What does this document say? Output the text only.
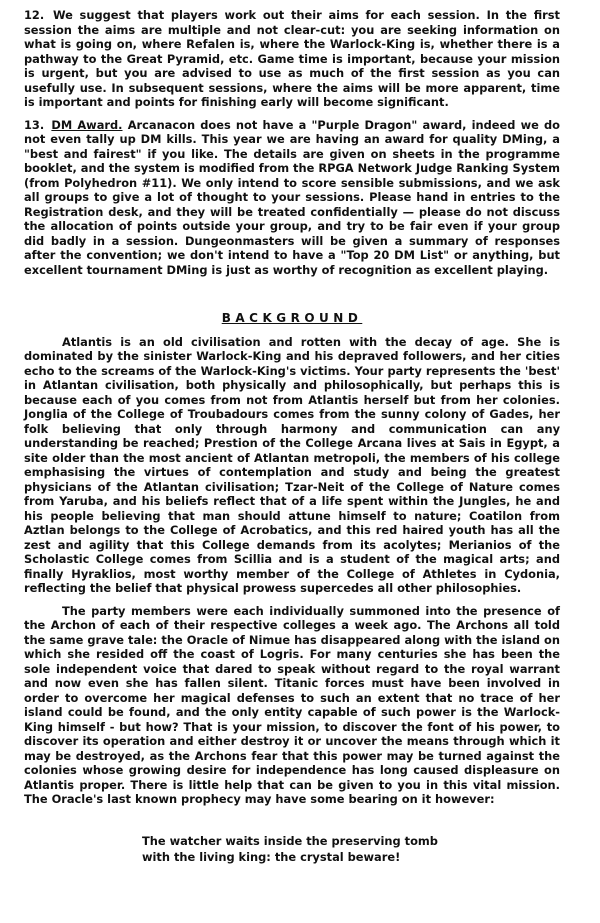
12. We suggest that players work out their aims for each session. In the first session the aims are multiple and not clear-cut: you are seeking information on what is going on, where Refalen is, where the Warlock-King is, whether there is a pathway to the Great Pyramid, etc. Game time is important, because your mission is urgent, but you are advised to use as much of the first session as you can usefully use. In subsequent sessions, where the aims will be more apparent, time is important and points for finishing early will become significant.

13. DM Award. Arcanacon does not have a "Purple Dragon" award, indeed we do not even tally up DM kills. This year we are having an award for quality DMing, a "best and fairest" if you like. The details are given on sheets in the programme booklet, and the system is modified from the RPGA Network Judge Ranking System (from Polyhedron #11). We only intend to score sensible submissions, and we ask all groups to give a lot of thought to your sessions. Please hand in entries to the Registration desk, and they will be treated confidentially — please do not discuss the allocation of points outside your group, and try to be fair even if your group did badly in a session. Dungeonmasters will be given a summary of responses after the convention; we don't intend to have a "Top 20 DM List" or anything, but excellent tournament DMing is just as worthy of recognition as excellent playing.

BACKGROUND

Atlantis is an old civilisation and rotten with the decay of age. She is dominated by the sinister Warlock-King and his depraved followers, and her cities echo to the screams of the Warlock-King's victims. Your party represents the 'best' in Atlantan civilisation, both physically and philosophically, but perhaps this is because each of you comes from not from Atlantis herself but from her colonies. Jonglia of the College of Troubadours comes from the sunny colony of Gades, her folk believing that only through harmony and communication can any understanding be reached; Prestion of the College Arcana lives at Sais in Egypt, a site older than the most ancient of Atlantan metropoli, the members of his college emphasising the virtues of contemplation and study and being the greatest physicians of the Atlantan civilisation; Tzar-Neit of the College of Nature comes from Yaruba, and his beliefs reflect that of a life spent within the Jungles, he and his people believing that man should attune himself to nature; Coatilon from Aztlan belongs to the College of Acrobatics, and this red haired youth has all the zest and agility that this College demands from its acolytes; Merianios of the Scholastic College comes from Scillia and is a student of the magical arts; and finally Hyraklios, most worthy member of the College of Athletes in Cydonia, reflecting the belief that physical prowess supercedes all other philosophies.

The party members were each individually summoned into the presence of the Archon of each of their respective colleges a week ago. The Archons all told the same grave tale: the Oracle of Nimue has disappeared along with the island on which she resided off the coast of Logris. For many centuries she has been the sole independent voice that dared to speak without regard to the royal warrant and now even she has fallen silent. Titanic forces must have been involved in order to overcome her magical defenses to such an extent that no trace of her island could be found, and the only entity capable of such power is the Warlock-King himself - but how? That is your mission, to discover the font of his power, to discover its operation and either destroy it or uncover the means through which it may be destroyed, as the Archons fear that this power may be turned against the colonies whose growing desire for independence has long caused displeasure on Atlantis proper. There is little help that can be given to you in this vital mission. The Oracle's last known prophecy may have some bearing on it however:

The watcher waits inside the preserving tomb
with the living king: the crystal beware!
